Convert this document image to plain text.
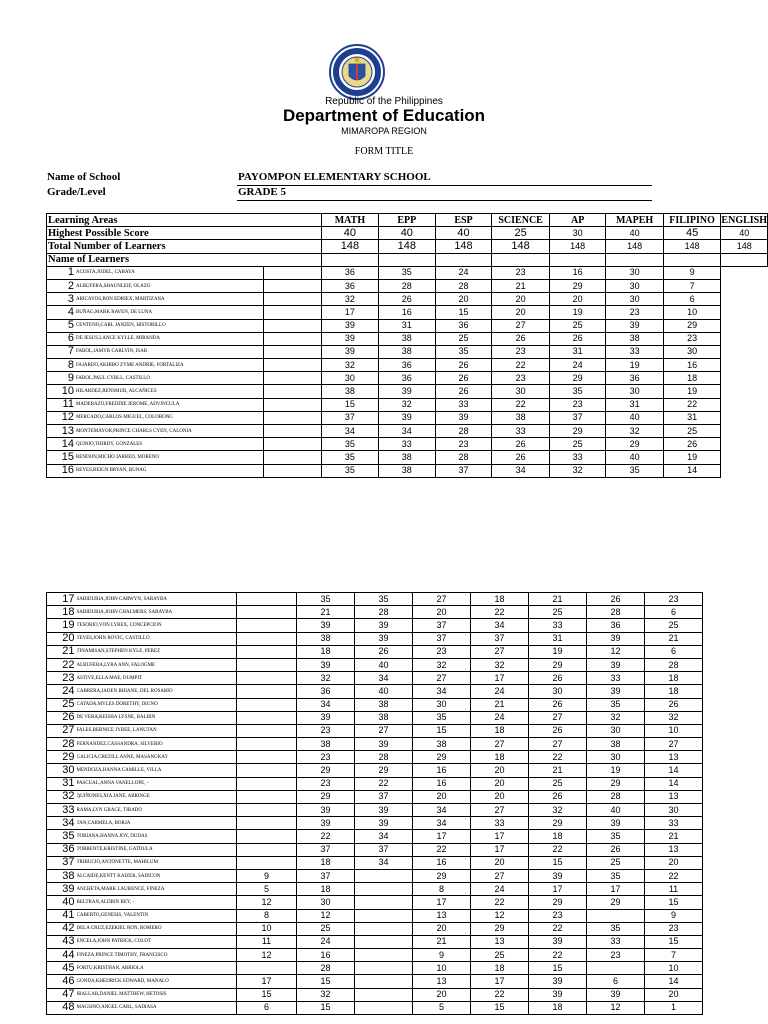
Republic of the Philippines
Department of Education
MIMAROPA REGION
FORM TITLE
Name of School	PAYOMPON ELEMENTARY SCHOOL
Grade/Level	GRADE 5
Learning Areas			MATH	EPP	ESP	SCIENCE	AP	MAPEH	FILIPINO	ENGLISH
Highest Possible Score			40	40	40	25	30	40	45	40
Total Number of Learners			148	148	148	148	148	148	148	148
Name of Learners										
1	ACOSTA,JODEL, CABAYA		36	35	24	23	16	30	9	
2	ALBUFERA,SHAUNLEIF, OLAZO		36	28	28	21	29	30	7	
3	ARICAYOS,BON EDRIEX, MARTIZANA		32	26	20	20	20	30	6	
4	BUÑAG,MARK RAVEN, DE LUNA		17	16	15	20	19	23	10	
5	CENTENO,CARL JANZEN, HISTORILLO		39	31	36	27	25	39	29	
6	DE JESUS,LANCE KYLLE, MIRANDA		39	38	25	26	26	38	23	
7	FABOL,JAMYR CARLVIN, ISAR		39	38	35	23	31	33	30	
8	FAJARDO,AKHIRO ZYME ANDRIE, FORTALIZA		32	36	26	22	24	19	16	
9	FAROL,PAUL CYRLL, CASTILLO		30	36	26	23	29	36	18	
10	HILARDEZ,RENSMUR, ALCAÑICES		38	39	26	30	35	30	19	
11	MADERAZO,FREDDIE JEROME, ADVINCULA		15	32	33	22	23	31	22	
12	MERCADO,CARLOS MIGUEL, COLOBONG		37	39	39	38	37	40	31	
13	MONTEMAYOR,PRINCE CHARLS CYEN, CALONIA		34	34	28	33	29	32	25	
14	QUINIO,THIRDY, GONZALES		35	33	23	26	25	29	26	
15	RENDON,MICHO JARRED, MORENO		35	38	28	26	33	40	19	
16	REYES,REIGN BRYAN, BUNAG		35	38	37	34	32	35	14	
17	SABIDURIA,JOHN CARWYN, SARAYBA		35	35	27	18	21	26	23
18	SABIDURIA,JOHN CHALMERS, SARAYBA		21	28	20	22	25	28	6
19	TESORIO,VON LYREX, CONCEPCION		39	39	37	34	33	36	25
20	TEVES,JOHN ROVIC, CASTILLO		38	39	37	37	31	39	21
21	TINAMISAN,STEPHEN KYLE, PEREZ		18	26	23	27	19	12	6
22	ALBUFERA,LYRA ANN, FALOGME		39	40	32	32	29	39	28
23	ASTIVE,ELLA MAE, DUMPIT		32	34	27	17	26	33	18
24	CABRERA,JADEN RHIANE, DEL ROSARIO		36	40	34	24	30	39	18
25	CATADA,MYLES DORETHY, DIGNO		34	38	30	21	26	35	26
26	DE VERA,KEISHA LYSNE, BALBIN		39	38	35	24	27	32	32
27	FALES,BERNICE JYREE, LANUTAN		23	27	15	18	26	30	10
28	FERNANDEZ,CASSANDRA, SILVERIO		38	39	38	27	27	38	27
29	GALICIA,CREZILL ANNE, MASANGKAY		23	28	29	18	22	30	13
30	MENDOZA,HANNA CAMILLE, VILLA		29	29	16	20	21	19	14
31	PASCUAL,ANNA VANELLOPE, -		23	22	16	20	25	29	14
32	QUIÑONES,XIA JANE, ABRINGE		29	37	20	20	26	28	13
33	RAMA,LYN GRACE, TIRADO		39	39	34	27	32	40	30
34	TAN,CARMELA, BORJA		39	39	34	33	29	39	33
35	TORIANA,HANNA JOY, DUDAS		22	34	17	17	18	35	21
36	TORRENTE,KRISTINE, GATDULA		37	37	22	17	22	26	13
37	TRIBUCIO,ANTONETTE, MAHILUM		18	34	16	20	15	25	20
38	ALCAIDE,KENTT KAIZER, SADICON	9	37		29	27	39	35	22
39	ANCHETA,MARK LAURENCE, FINEZA	5	18		8	24	17	17	11
40	BELTRAN,ALDRIN REY, -	12	30		17	22	29	29	15
41	CABERTO,GENESIS, VALENTIN	8	12		13	12	23		9
42	DELA CRUZ,EZEKIEL RON, ROMERO	10	25		20	29	22	35	23
43	ENCELA,JOHN PATRICK, COLOT	11	24		21	13	39	33	15
44	FINEZA,PRINCE TIMOTHY, FRANCISCO	12	16		9	25	22	23	7
45	FORTU,KRISTHAN, ARRIOLA		28		10	18	15		10
46	GONDA,KHEDRICK EDWARD, MANALO	17	15		13	17	39	6	14
47	IBALLAR,DANIEL MATTHEW, HETOSIS	15	32		20	22	39	39	20
48	MAGSINO,ANGEL CARL, SADIASA	6	15		5	15	18	12	1
